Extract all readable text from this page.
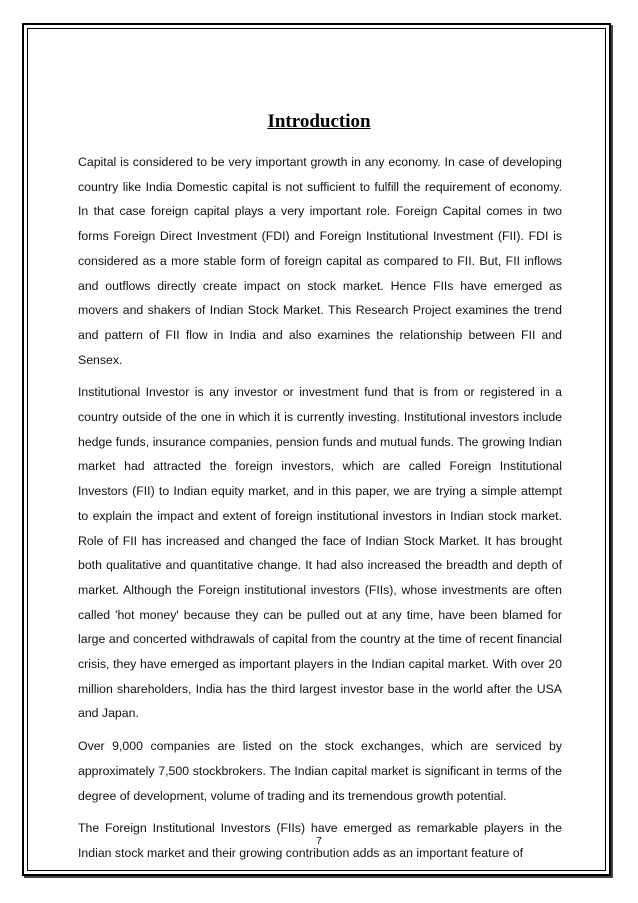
Introduction

Capital is considered to be very important growth in any economy. In case of developing country like India Domestic capital is not sufficient to fulfill the requirement of economy. In that case foreign capital plays a very important role. Foreign Capital comes in two forms Foreign Direct Investment (FDI) and Foreign Institutional Investment (FII). FDI is considered as a more stable form of foreign capital as compared to FII. But, FII inflows and outflows directly create impact on stock market. Hence FIIs have emerged as movers and shakers of Indian Stock Market. This Research Project examines the trend and pattern of FII flow in India and also examines the relationship between FII and Sensex.

Institutional Investor is any investor or investment fund that is from or registered in a country outside of the one in which it is currently investing. Institutional investors include hedge funds, insurance companies, pension funds and mutual funds. The growing Indian market had attracted the foreign investors, which are called Foreign Institutional Investors (FII) to Indian equity market, and in this paper, we are trying a simple attempt to explain the impact and extent of foreign institutional investors in Indian stock market. Role of FII has increased and changed the face of Indian Stock Market. It has brought both qualitative and quantitative change. It had also increased the breadth and depth of market. Although the Foreign institutional investors (FIIs), whose investments are often called 'hot money' because they can be pulled out at any time, have been blamed for large and concerted withdrawals of capital from the country at the time of recent financial crisis, they have emerged as important players in the Indian capital market. With over 20 million shareholders, India has the third largest investor base in the world after the USA and Japan.

Over 9,000 companies are listed on the stock exchanges, which are serviced by approximately 7,500 stockbrokers. The Indian capital market is significant in terms of the degree of development, volume of trading and its tremendous growth potential.

The Foreign Institutional Investors (FIIs) have emerged as remarkable players in the Indian stock market and their growing contribution adds as an important feature of

7
